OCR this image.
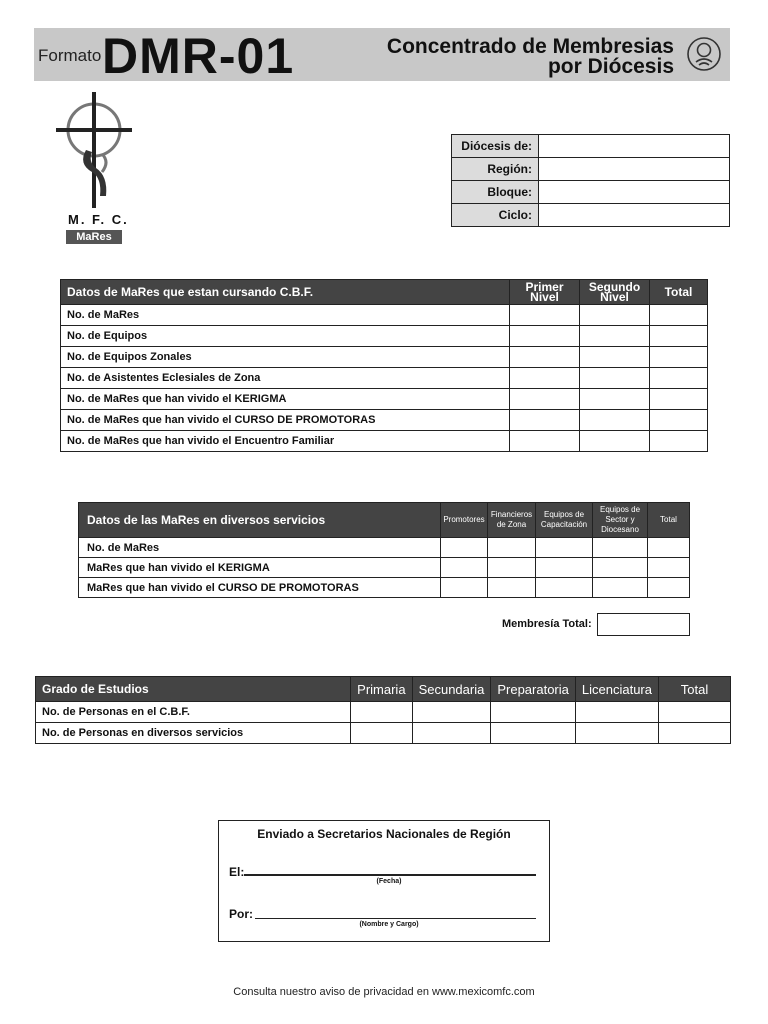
Formato DMR-01	Concentrado de Membresias
por Diócesis
M. F. C.
MaRes
Diócesis de:	
Región:	
Bloque:	
Ciclo:	
Datos de MaRes que estan cursando C.B.F.	Primer Nivel	Segundo Nivel	Total
No. de MaRes			
No. de Equipos			
No. de Equipos Zonales			
No. de Asistentes Eclesiales de Zona			
No. de MaRes que han vivido el KERIGMA			
No. de MaRes que han vivido el CURSO DE PROMOTORAS			
No. de MaRes que han vivido el Encuentro Familiar			
Datos de las MaRes en diversos servicios	Promotores	Financieros de Zona	Equipos de Capacitación	Equipos de Sector y Diocesano	Total
No. de MaRes					
MaRes que han vivido el KERIGMA					
MaRes que han vivido el CURSO DE PROMOTORAS					
Membresía Total:
Grado de Estudios	Primaria	Secundaria	Preparatoria	Licenciatura	Total
No. de Personas en el C.B.F.					
No. de Personas en diversos servicios					
Enviado a Secretarios Nacionales de Región
El:
(Fecha)
Por:
(Nombre y Cargo)
Consulta nuestro aviso de privacidad en www.mexicomfc.com
